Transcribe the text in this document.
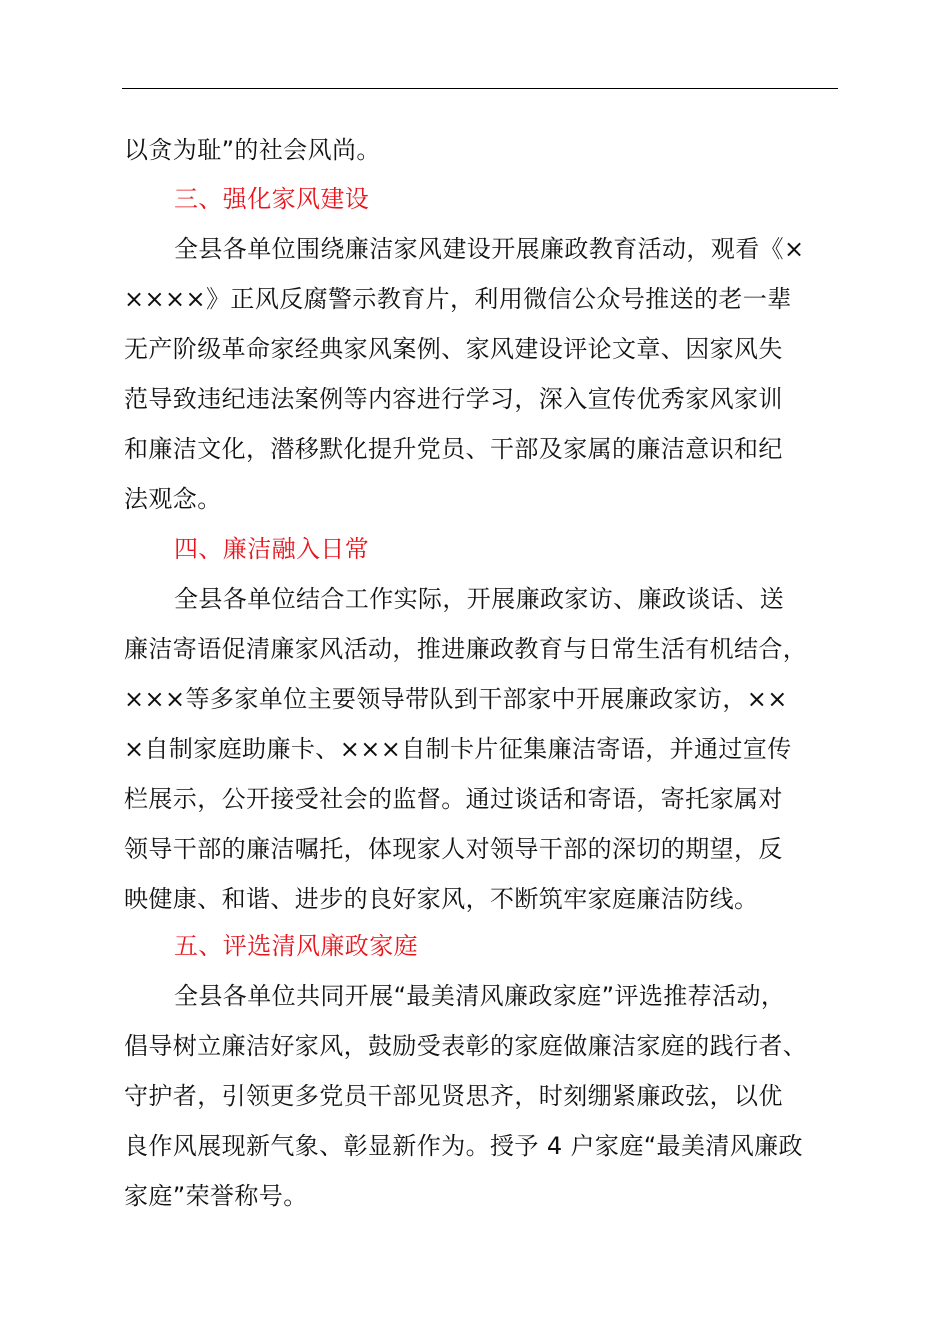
以贪为耻”的社会风尚。
三、强化家风建设
全县各单位围绕廉洁家风建设开展廉政教育活动，观看《×
××××》正风反腐警示教育片，利用微信公众号推送的老一辈
无产阶级革命家经典家风案例、家风建设评论文章、因家风失
范导致违纪违法案例等内容进行学习，深入宣传优秀家风家训
和廉洁文化，潜移默化提升党员、干部及家属的廉洁意识和纪
法观念。
四、廉洁融入日常
全县各单位结合工作实际，开展廉政家访、廉政谈话、送
廉洁寄语促清廉家风活动，推进廉政教育与日常生活有机结合，
×××等多家单位主要领导带队到干部家中开展廉政家访，××
×自制家庭助廉卡、×××自制卡片征集廉洁寄语，并通过宣传
栏展示，公开接受社会的监督。通过谈话和寄语，寄托家属对
领导干部的廉洁嘱托，体现家人对领导干部的深切的期望，反
映健康、和谐、进步的良好家风，不断筑牢家庭廉洁防线。
五、评选清风廉政家庭
全县各单位共同开展“最美清风廉政家庭”评选推荐活动，
倡导树立廉洁好家风，鼓励受表彰的家庭做廉洁家庭的践行者、
守护者，引领更多党员干部见贤思齐，时刻绷紧廉政弦，以优
良作风展现新气象、彰显新作为。授予 4 户家庭“最美清风廉政
家庭”荣誉称号。
